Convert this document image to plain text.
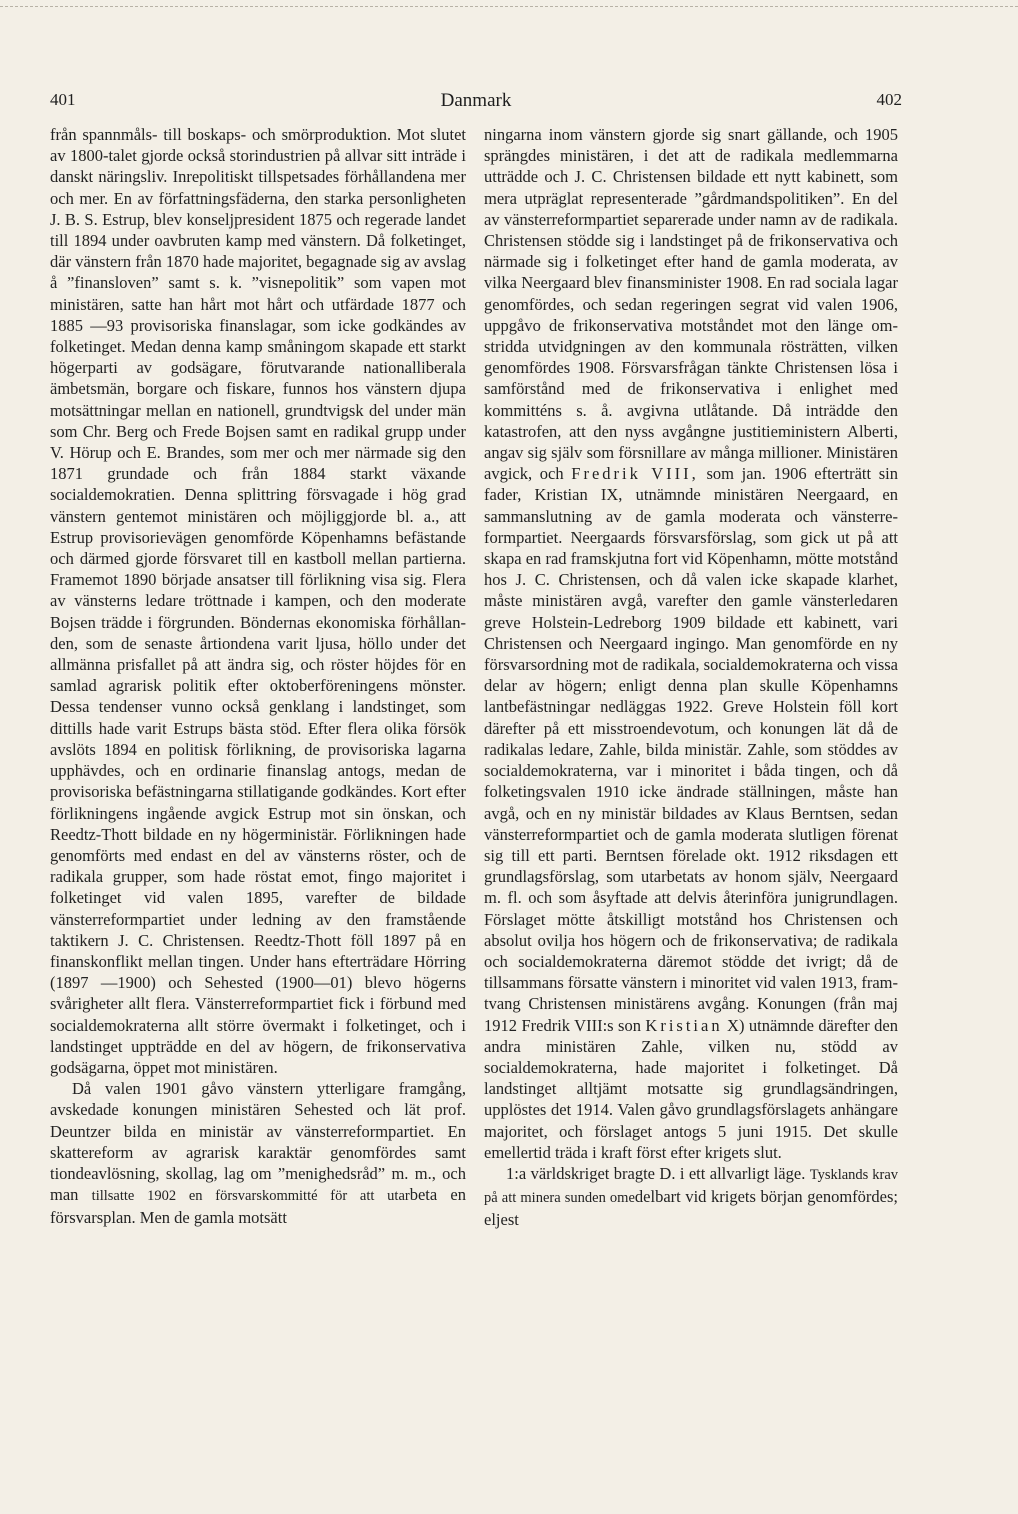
401	Danmark	402

från spannmåls- till boskaps- och smörproduktion. Mot slutet av 1800-talet gjorde också storindustrien på allvar sitt inträde i danskt näringsliv. Inrepolitiskt tillspetsades förhållandena mer och mer. En av författningsfäderna, den starka personligheten J. B. S. Estrup, blev konseljpresident 1875 och regerade landet till 1894 under oavbruten kamp med vänstern. Då folketinget, där vänstern från 1870 hade majoritet, begagnade sig av avslag å ”finansloven” samt s. k. ”visnepolitik” som vapen mot ministären, satte han hårt mot hårt och utfärdade 1877 och 1885 —93 provisoriska finanslagar, som icke godkändes av folketinget. Medan denna kamp småningom skapade ett starkt högerparti av godsägare, förutvarande nationalliberala ämbetsmän, borgare och fiskare, funnos hos vänstern djupa motsättningar mellan en nationell, grundtvigsk del under män som Chr. Berg och Frede Bojsen samt en radikal grupp under V. Hörup och E. Brandes, som mer och mer närmade sig den 1871 grundade och från 1884 starkt växande socialdemokratien. Denna splittring försvagade i hög grad vänstern gentemot ministären och möjliggjorde bl. a., att Estrup provisorievägen genomförde Köpenhamns befästande och därmed gjorde försvaret till en kastboll mellan partierna. Framemot 1890 började ansatser till förlikning visa sig. Flera av vänsterns ledare tröttnade i kampen, och den moderate Bojsen trädde i förgrunden. Böndernas ekonomiska förhållanden, som de senaste årtiondena varit ljusa, höllo under det allmänna prisfallet på att ändra sig, och röster höjdes för en samlad agrarisk politik efter oktoberföreningens mönster. Dessa tendenser vunno också genklang i landstinget, som dittills hade varit Estrups bästa stöd. Efter flera olika försök avslöts 1894 en politisk förlikning, de provisoriska lagarna upphävdes, och en ordinarie finanslag antogs, medan de provisoriska befästningarna stillatigande godkändes. Kort efter förlikningens ingående avgick Estrup mot sin önskan, och Reedtz-Thott bildade en ny högerministär. Förlikningen hade genomförts med endast en del av vänsterns röster, och de radikala grupper, som hade röstat emot, fingo majoritet i folketinget vid valen 1895, varefter de bildade vänsterreformpartiet under ledning av den framstående taktikern J. C. Christensen. Reedtz-Thott föll 1897 på en finanskonflikt mellan tingen. Under hans efterträdare Hörring (1897 —1900) och Sehested (1900—01) blevo högerns svårigheter allt flera. Vänsterreformpartiet fick i förbund med socialdemokraterna allt större övermakt i folketinget, och i landstinget uppträdde en del av högern, de frikonservativa godsägarna, öppet mot ministären.

Då valen 1901 gåvo vänstern ytterligare framgång, avskedade konungen ministären Sehested och lät prof. Deuntzer bilda en ministär av vänsterreformpartiet. En skattereform av agrarisk karaktär genomfördes samt tiondeavlösning, skollag, lag om ”menighedsråd” m. m., och man tillsatte 1902 en försvarskommitté för att utarbeta en försvarsplan. Men de gamla motsätt

ningarna inom vänstern gjorde sig snart gällande, och 1905 sprängdes ministären, i det att de radikala medlemmarna utträdde och J. C. Christensen bildade ett nytt kabinett, som mera utpräglat representerade ”gårdmandspolitiken”. En del av vänsterreformpartiet separerade under namn av de radikala. Christensen stödde sig i landstinget på de frikonservativa och närmade sig i folketinget efter hand de gamla moderata, av vilka Neergaard blev finansminister 1908. En rad sociala lagar genomfördes, och sedan regeringen segrat vid valen 1906, uppgåvo de frikonservativa motståndet mot den länge omstridda utvidgningen av den kommunala rösträtten, vilken genomfördes 1908. Försvarsfrågan tänkte Christensen lösa i samförstånd med de frikonservativa i enlighet med kommitténs s. å. avgivna utlåtande. Då inträdde den katastrofen, att den nyss avgångne justitieministern Alberti, angav sig själv som försnillare av många millioner. Ministären avgick, och Fredrik VIII, som jan. 1906 efterträtt sin fader, Kristian IX, utnämnde ministären Neergaard, en sammanslutning av de gamla moderata och vänsterreformpartiet. Neergaards försvarsförslag, som gick ut på att skapa en rad framskjutna fort vid Köpenhamn, mötte motstånd hos J. C. Christensen, och då valen icke skapade klarhet, måste ministären avgå, varefter den gamle vänsterledaren greve Holstein-Ledreborg 1909 bildade ett kabinett, vari Christensen och Neergaard ingingo. Man genomförde en ny försvarsordning mot de radikala, socialdemokraterna och vissa delar av högern; enligt denna plan skulle Köpenhamns lantbefästningar nedläggas 1922. Greve Holstein föll kort därefter på ett misstroendevotum, och konungen lät då de radikalas ledare, Zahle, bilda ministär. Zahle, som stöddes av socialdemokraterna, var i minoritet i båda tingen, och då folketingsvalen 1910 icke ändrade ställningen, måste han avgå, och en ny ministär bildades av Klaus Berntsen, sedan vänsterreformpartiet och de gamla moderata slutligen förenat sig till ett parti. Berntsen förelade okt. 1912 riksdagen ett grundlagsförslag, som utarbetats av honom själv, Neergaard m. fl. och som åsyftade att delvis återinföra junigrundlagen. Förslaget mötte åtskilligt motstånd hos Christensen och absolut ovilja hos högern och de frikonservativa; de radikala och socialdemokraterna däremot stödde det ivrigt; då de tillsammans försatte vänstern i minoritet vid valen 1913, framtvang Christensen ministärens avgång. Konungen (från maj 1912 Fredrik VIII:s son Kristian X) utnämnde därefter den andra ministären Zahle, vilken nu, stödd av socialdemokraterna, hade majoritet i folketinget. Då landstinget alltjämt motsatte sig grundlagsändringen, upplöstes det 1914. Valen gåvo grundlagsförslagets anhängare majoritet, och förslaget antogs 5 juni 1915. Det skulle emellertid träda i kraft först efter krigets slut.

1:a världskriget bragte D. i ett allvarligt läge. Tysklands krav på att minera sunden omedelbart vid krigets början genomfördes; eljest
